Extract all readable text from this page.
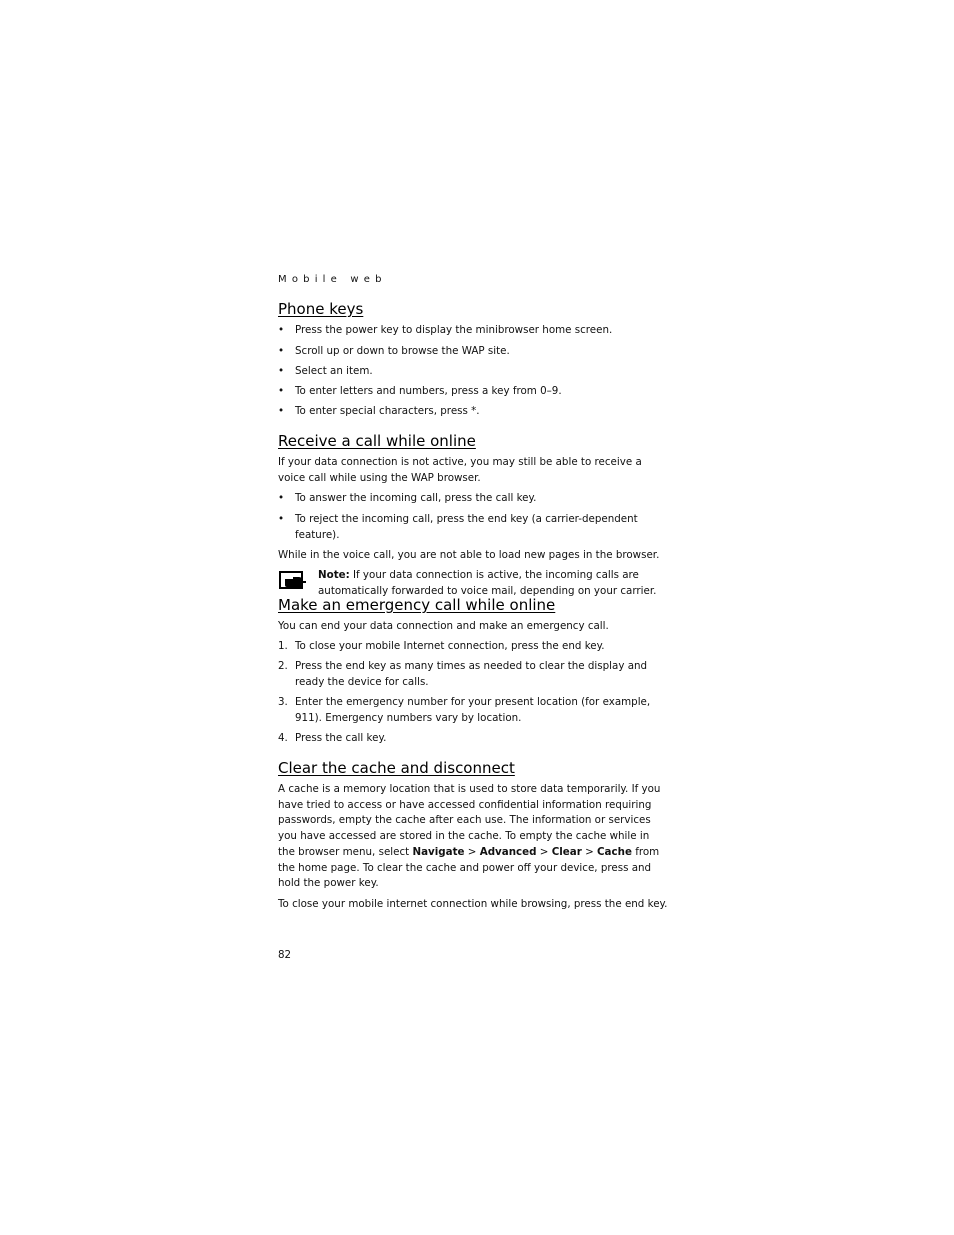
Mobile web
Phone keys
• Press the power key to display the minibrowser home screen.
• Scroll up or down to browse the WAP site.
• Select an item.
• To enter letters and numbers, press a key from 0–9.
• To enter special characters, press *.
Receive a call while online

If your data connection is not active, you may still be able to receive a voice call while using the WAP browser.

• To answer the incoming call, press the call key.
• To reject the incoming call, press the end key (a carrier-dependent feature).

While in the voice call, you are not able to load new pages in the browser.

Note: If your data connection is active, the incoming calls are automatically forwarded to voice mail, depending on your carrier.

Make an emergency call while online

You can end your data connection and make an emergency call.

1. To close your mobile Internet connection, press the end key.
2. Press the end key as many times as needed to clear the display and ready the device for calls.
3. Enter the emergency number for your present location (for example, 911). Emergency numbers vary by location.
4. Press the call key.
Clear the cache and disconnect

A cache is a memory location that is used to store data temporarily. If you have tried to access or have accessed confidential information requiring passwords, empty the cache after each use. The information or services you have accessed are stored in the cache. To empty the cache while in the browser menu, select Navigate > Advanced > Clear > Cache from the home page. To clear the cache and power off your device, press and hold the power key.

To close your mobile internet connection while browsing, press the end key.

82
